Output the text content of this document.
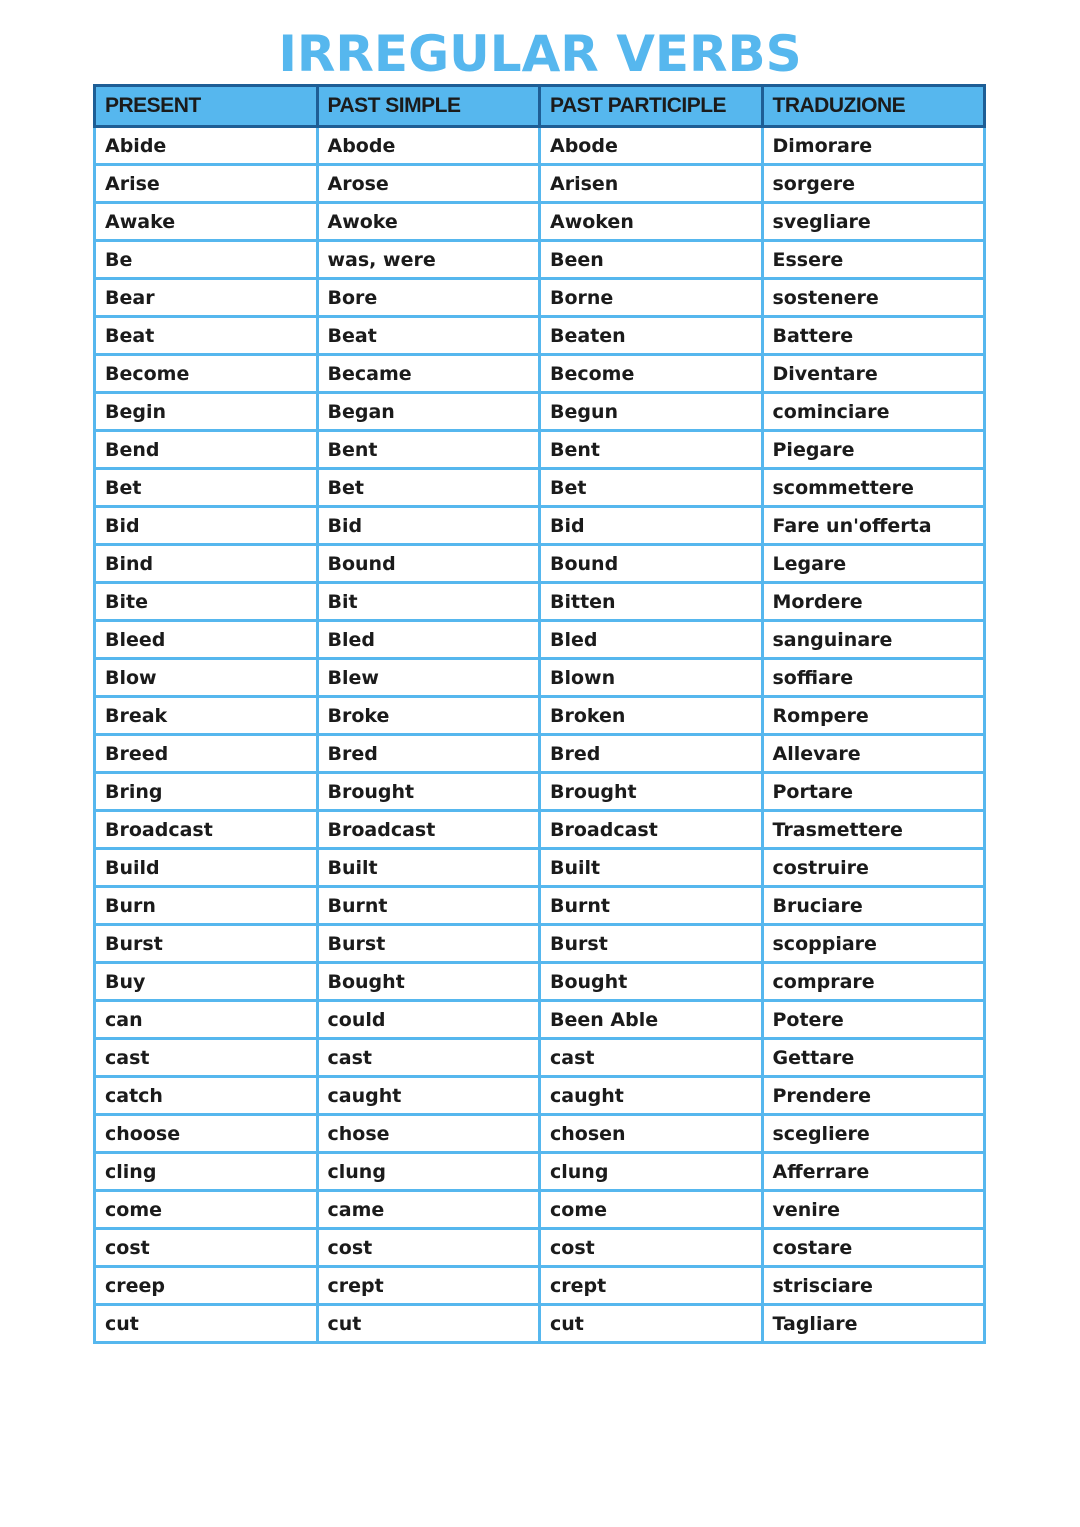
IRREGULAR VERBS
PRESENT	PAST SIMPLE	PAST PARTICIPLE	TRADUZIONE
Abide	Abode	Abode	Dimorare
Arise	Arose	Arisen	sorgere
Awake	Awoke	Awoken	svegliare
Be	was, were	Been	Essere
Bear	Bore	Borne	sostenere
Beat	Beat	Beaten	Battere
Become	Became	Become	Diventare
Begin	Began	Begun	cominciare
Bend	Bent	Bent	Piegare
Bet	Bet	Bet	scommettere
Bid	Bid	Bid	Fare un'offerta
Bind	Bound	Bound	Legare
Bite	Bit	Bitten	Mordere
Bleed	Bled	Bled	sanguinare
Blow	Blew	Blown	soffiare
Break	Broke	Broken	Rompere
Breed	Bred	Bred	Allevare
Bring	Brought	Brought	Portare
Broadcast	Broadcast	Broadcast	Trasmettere
Build	Built	Built	costruire
Burn	Burnt	Burnt	Bruciare
Burst	Burst	Burst	scoppiare
Buy	Bought	Bought	comprare
can	could	Been Able	Potere
cast	cast	cast	Gettare
catch	caught	caught	Prendere
choose	chose	chosen	scegliere
cling	clung	clung	Afferrare
come	came	come	venire
cost	cost	cost	costare
creep	crept	crept	strisciare
cut	cut	cut	Tagliare
